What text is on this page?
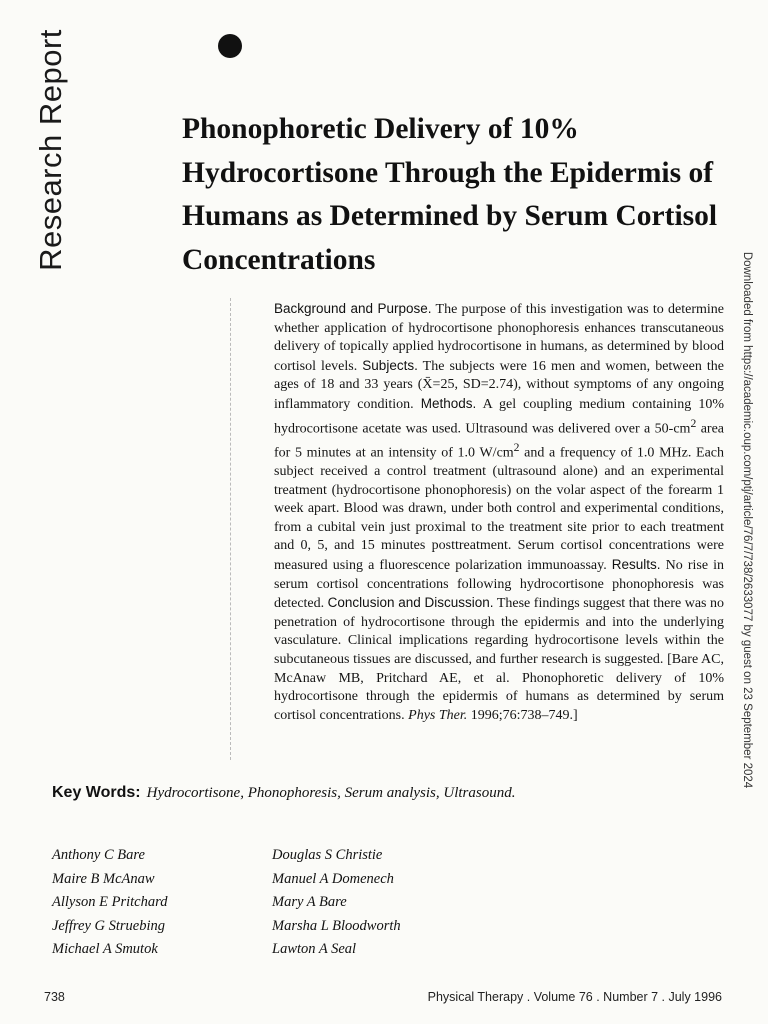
Research Report	Phonophoretic Delivery of 10% Hydrocortisone Through the Epidermis of Humans as Determined by Serum Cortisol Concentrations	Downloaded from https://academic.oup.com/ptj/article/76/7/738/2633077 by guest on 23 September 2024

Background and Purpose. The purpose of this investigation was to determine whether application of hydrocortisone phonophoresis enhances transcutaneous delivery of topically applied hydrocortisone in humans, as determined by blood cortisol levels. Subjects. The subjects were 16 men and women, between the ages of 18 and 33 years (X̄=25, SD=2.74), without symptoms of any ongoing inflammatory condition. Methods. A gel coupling medium containing 10% hydrocortisone acetate was used. Ultrasound was delivered over a $50-cm^2$ area for 5 minutes at an intensity of 1.0 $W/cm^2$ and a frequency of 1.0 MHz. Each subject received a control treatment (ultrasound alone) and an experimental treatment (hydrocortisone phonophoresis) on the volar aspect of the forearm 1 week apart. Blood was drawn, under both control and experimental conditions, from a cubital vein just proximal to the treatment site prior to each treatment and 0, 5, and 15 minutes posttreatment. Serum cortisol concentrations were measured using a fluorescence polarization immunoassay. Results. No rise in serum cortisol concentrations following hydrocortisone phonophoresis was detected. Conclusion and Discussion. These findings suggest that there was no penetration of hydrocortisone through the epidermis and into the underlying vasculature. Clinical implications regarding hydrocortisone levels within the subcutaneous tissues are discussed, and further research is suggested. [Bare AC, McAnaw MB, Pritchard AE, et al. Phonophoretic delivery of 10% hydrocortisone through the epidermis of humans as determined by serum cortisol concentrations. Phys Ther. 1996;76:738–749.]

Key Words: Hydrocortisone, Phonophoresis, Serum analysis, Ultrasound.

Anthony C Bare
Maire B McAnaw
Allyson E Pritchard
Jeffrey G Struebing
Michael A Smutok
Douglas S Christie
Manuel A Domenech
Mary A Bare
Marsha L Bloodworth
Lawton A Seal
738	Physical Therapy . Volume 76 . Number 7 . July 1996
